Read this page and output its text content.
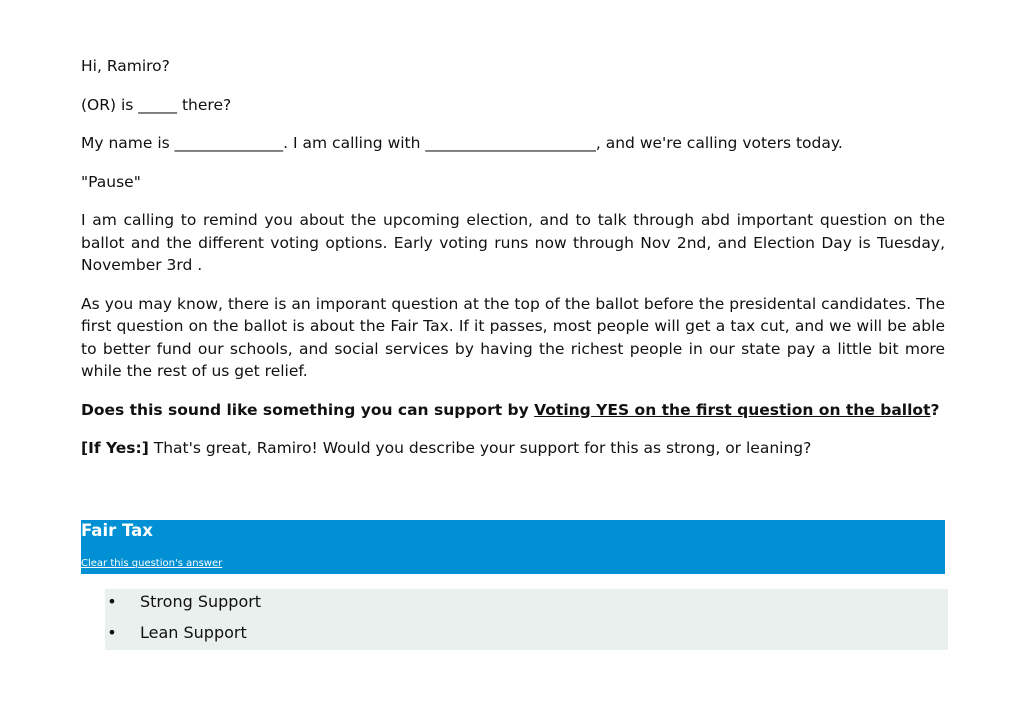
Hi, Ramiro?

(OR) is _____ there?

My name is ______________. I am calling with ______________________, and we're calling voters today.

"Pause"

I am calling to remind you about the upcoming election, and to talk through abd important question on the ballot and the different voting options. Early voting runs now through Nov 2nd, and Election Day is Tuesday, November 3rd .

As you may know, there is an imporant question at the top of the ballot before the presidental candidates. The first question on the ballot is about the Fair Tax. If it passes, most people will get a tax cut, and we will be able to better fund our schools, and social services by having the richest people in our state pay a little bit more while the rest of us get relief.

Does this sound like something you can support by Voting YES on the first question on the ballot?

[If Yes:] That's great, Ramiro! Would you describe your support for this as strong, or leaning?

Fair Tax
Clear this question's answer
• Strong Support
• Lean Support
